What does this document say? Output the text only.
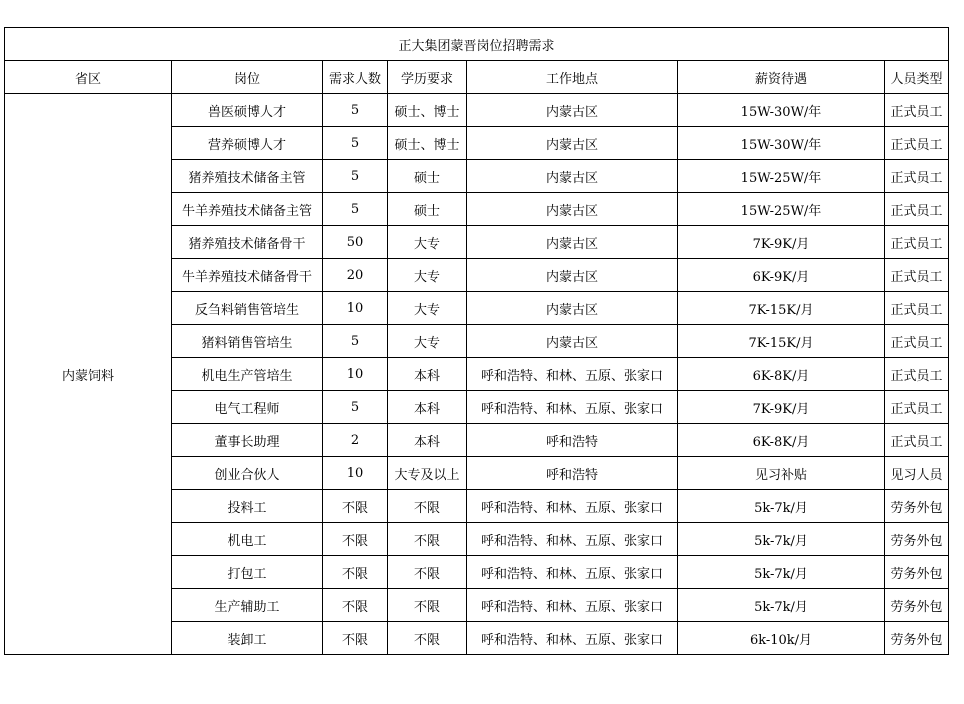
正大集团蒙晋岗位招聘需求						
省区	岗位	需求人数	学历要求	工作地点	薪资待遇	人员类型
内蒙饲料	兽医硕博人才	5	硕士、博士	内蒙古区	15W-30W/年	正式员工
	营养硕博人才	5	硕士、博士	内蒙古区	15W-30W/年	正式员工
	猪养殖技术储备主管	5	硕士	内蒙古区	15W-25W/年	正式员工
	牛羊养殖技术储备主管	5	硕士	内蒙古区	15W-25W/年	正式员工
	猪养殖技术储备骨干	50	大专	内蒙古区	7K-9K/月	正式员工
	牛羊养殖技术储备骨干	20	大专	内蒙古区	6K-9K/月	正式员工
	反刍料销售管培生	10	大专	内蒙古区	7K-15K/月	正式员工
	猪料销售管培生	5	大专	内蒙古区	7K-15K/月	正式员工
	机电生产管培生	10	本科	呼和浩特、和林、五原、张家口	6K-8K/月	正式员工
	电气工程师	5	本科	呼和浩特、和林、五原、张家口	7K-9K/月	正式员工
	董事长助理	2	本科	呼和浩特	6K-8K/月	正式员工
	创业合伙人	10	大专及以上	呼和浩特	见习补贴	见习人员
	投料工	不限	不限	呼和浩特、和林、五原、张家口	5k-7k/月	劳务外包
	机电工	不限	不限	呼和浩特、和林、五原、张家口	5k-7k/月	劳务外包
	打包工	不限	不限	呼和浩特、和林、五原、张家口	5k-7k/月	劳务外包
	生产辅助工	不限	不限	呼和浩特、和林、五原、张家口	5k-7k/月	劳务外包
	装卸工	不限	不限	呼和浩特、和林、五原、张家口	6k-10k/月	劳务外包
